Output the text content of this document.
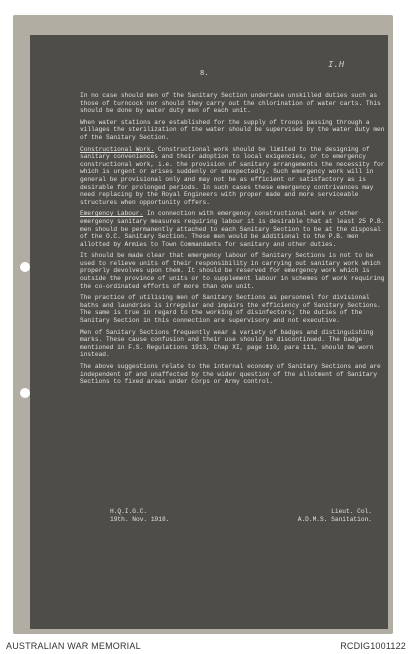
8.
I.H

In no case should men of the Sanitary Section undertake unskilled duties such as those of turncock nor should they carry out the chlorination of water carts. This should be done by water duty men of each unit.

When water stations are established for the supply of troops passing through a villages the sterilization of the water should be supervised by the water duty men of the Sanitary Section.

Constructional Work. Constructional work should be limited to the designing of sanitary conveniences and their adoption to local exigencies, or to emergency constructional work, i.e. the provision of sanitary arrangements the necessity for which is urgent or arises suddenly or unexpectedly. Such emergency work will in general be provisional only and may not be as efficient or satisfactory as is desirable for prolonged periods. In such cases these emergency contrivances may need replacing by the Royal Engineers with proper made and more serviceable structures when opportunity offers.

Emergency Labour. In connection with emergency constructional work or other emergency sanitary measures requiring labour it is desirable that at least 25 P.B. men should be permanently attached to each Sanitary Section to be at the disposal of the O.C. Sanitary Section. These men would be additional to the P.B. men allotted by Armies to Town Commandants for sanitary and other duties.

It should be made clear that emergency labour of Sanitary Sections is not to be used to relieve units of their responsibility in carrying out sanitary work which properly devolves upon them. It should be reserved for emergency work which is outside the province of units or to supplement labour in schemes of work requiring the co-ordinated efforts of more than one unit.

The practice of utilising men of Sanitary Sections as personnel for divisional baths and laundries is irregular and impairs the efficiency of Sanitary Sections. The same is true in regard to the working of disinfectors; the duties of the Sanitary Section in this connection are supervisory and not executive.

Men of Sanitary Sections frequently wear a variety of badges and distinguishing marks. These cause confusion and their use should be discontinued. The badge mentioned in F.S. Regulations 1913, Chap XI, page 110, para 111, should be worn instead.

The above suggestions relate to the internal economy of Sanitary Sections and are independent of and unaffected by the wider question of the allotment of Sanitary Sections to fixed areas under Corps or Army control.

H.Q.I.G.C.
19th. Nov. 1918.
Lieut. Col.
A.D.M.S. Sanitation.
AUSTRALIAN WAR MEMORIAL	RCDIG1001122
